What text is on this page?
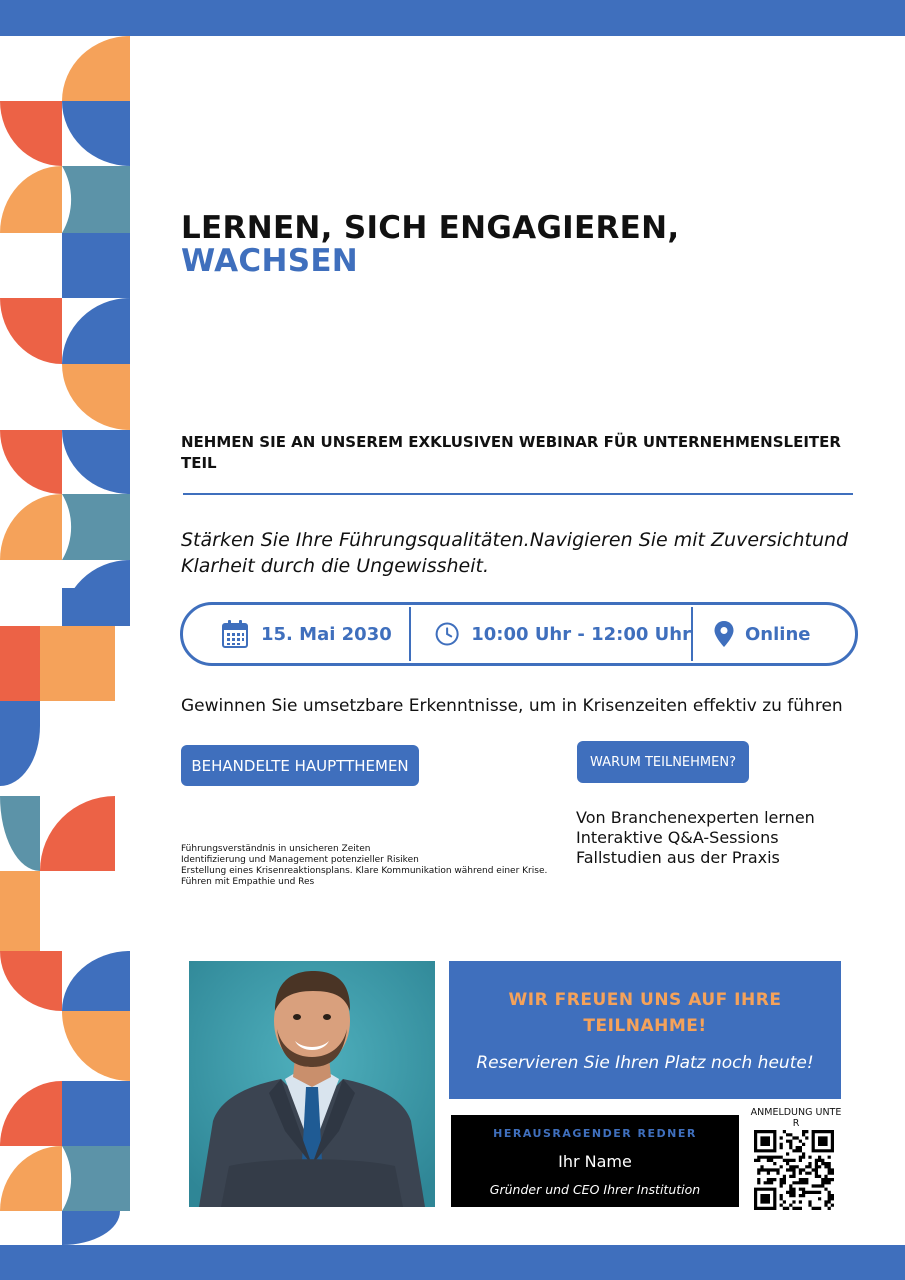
LERNEN, SICH ENGAGIEREN, WACHSEN
NEHMEN SIE AN UNSEREM EXKLUSIVEN WEBINAR FÜR UNTERNEHMENSLEITER TEIL
Stärken Sie Ihre Führungsqualitäten.Navigieren Sie mit Zuversichtund Klarheit durch die Ungewissheit.
15. Mai 2030	10:00 Uhr - 12:00 Uhr	Online
Gewinnen Sie umsetzbare Erkenntnisse, um in Krisenzeiten effektiv zu führen
BEHANDELTE HAUPTTHEMEN	WARUM TEILNEHMEN?
Führungsverständnis in unsicheren Zeiten
Identifizierung und Management potenzieller Risiken
Erstellung eines Krisenreaktionsplans. Klare Kommunikation während einer Krise.
Führen mit Empathie und Res
Von Branchenexperten lernen
Interaktive Q&A-Sessions
Fallstudien aus der Praxis
WIR FREUEN UNS AUF IHRE TEILNAHME!
Reservieren Sie Ihren Platz noch heute!
HERAUSRAGENDER REDNER
Ihr Name
Gründer und CEO Ihrer Institution
ANMELDUNG UNTER
